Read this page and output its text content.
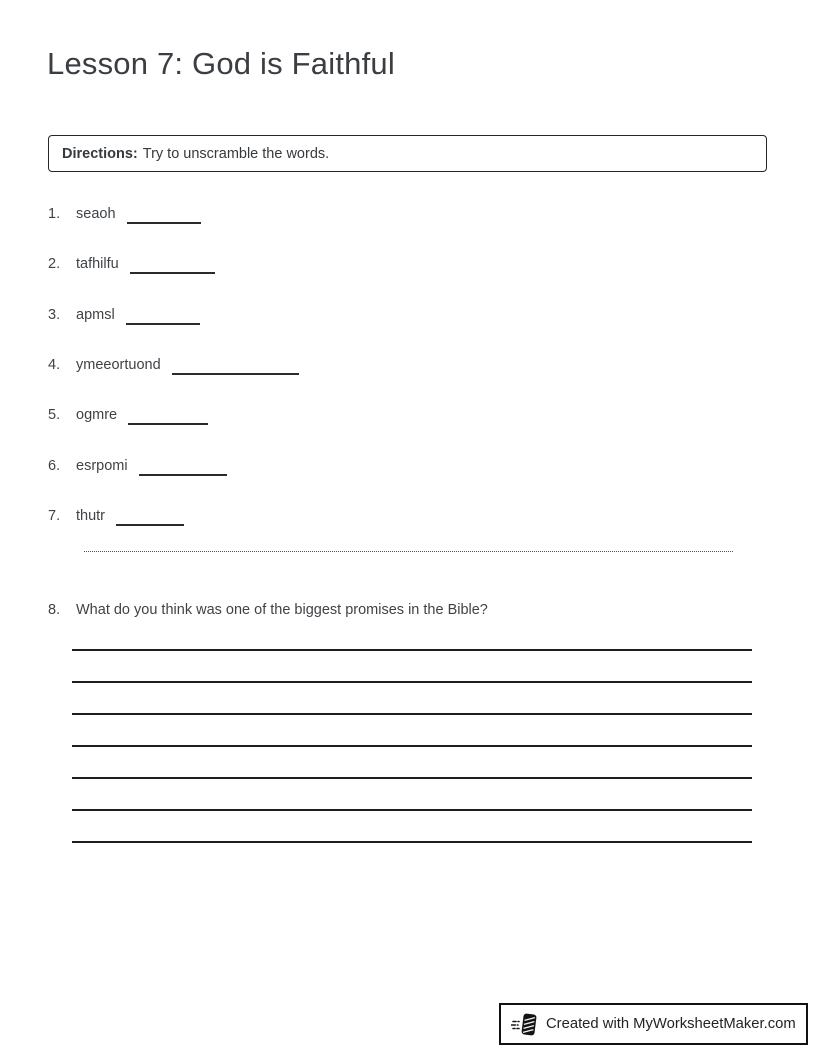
Lesson 7: God is Faithful
Directions: Try to unscramble the words.
1.	seaoh
2.	tafhilfu
3.	apmsl
4.	ymeeortuond
5.	ogmre
6.	esrpomi
7.	thutr
8.	What do you think was one of the biggest promises in the Bible?
Created with MyWorksheetMaker.com
